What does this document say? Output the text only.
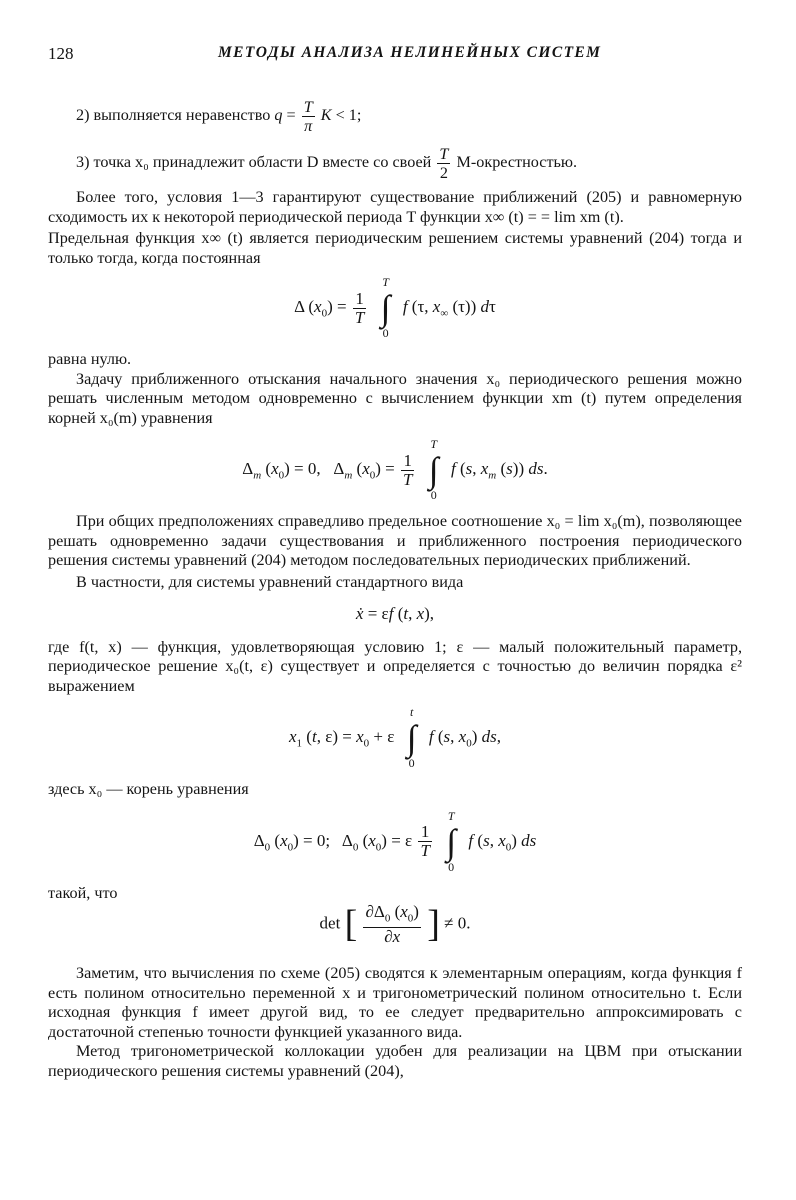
128	МЕТОДЫ АНАЛИЗА НЕЛИНЕЙНЫХ СИСТЕМ

2) выполняется неравенство $q = \frac{T}{\pi}$ K < 1;

3) точка x₀ принадлежит области D вместе со своей $\frac{T}{2}$ M-окрестностью.

Более того, условия 1—3 гарантируют существование приближений (205) и равномерную сходимость их к некоторой периодической периода T функции x∞ (t) = = lim xm (t).

Предельная функция x∞ (t) является периодическим решением системы уравнений (204) тогда и только тогда, когда постоянная

Δ $(x_0) = \frac{1}{T}$

T
∫
0
f (τ, $x_\infty$ (τ)) dτ

равна нулю.

Задачу приближенного отыскания начального значения x₀ периодического решения можно решать численным методом одновременно с вычислением функции xm (t) путем определения корней x₀(m) уравнения

$\Delta_m$ $(x_0) = 0$,   $\Delta_m$ $(x_0) = \frac{1}{T}$

T
∫
0
f (s, $x_m$ (s)) ds.

При общих предположениях справедливо предельное соотношение x₀ = lim x₀(m), позволяющее решать одновременно задачи существования и приближенного построения периодического решения системы уравнений (204) методом последовательных периодических приближений.

В частности, для системы уравнений стандартного вида

ẋ = εf (t, x),

где f(t, x) — функция, удовлетворяющая условию 1; ε — малый положительный параметр, периодическое решение x₀(t, ε) существует и определяется с точностью до величин порядка ε² выражением

$x_1$ (t, $\varepsilon) = x_0 + \varepsilon$
t
∫
0
f (s, $x_0$) ds,

здесь x₀ — корень уравнения

$\Delta_0$ $(x_0) = 0$;   $\Delta_0$ $(x_0) = \varepsilon \frac{1}{T}$

T
∫
0
f (s, $x_0$) ds

такой, что

det [ $\frac{\partial\Delta_0 (x_0)}{\partial x}$ ] ≠ 0.

Заметим, что вычисления по схеме (205) сводятся к элементарным операциям, когда функция f есть полином относительно переменной x и тригонометрический полином относительно t. Если исходная функция f имеет другой вид, то ее следует предварительно аппроксимировать с достаточной степенью точности функцией указанного вида.

Метод тригонометрической коллокации удобен для реализации на ЦВМ при отыскании периодического решения системы уравнений (204),
